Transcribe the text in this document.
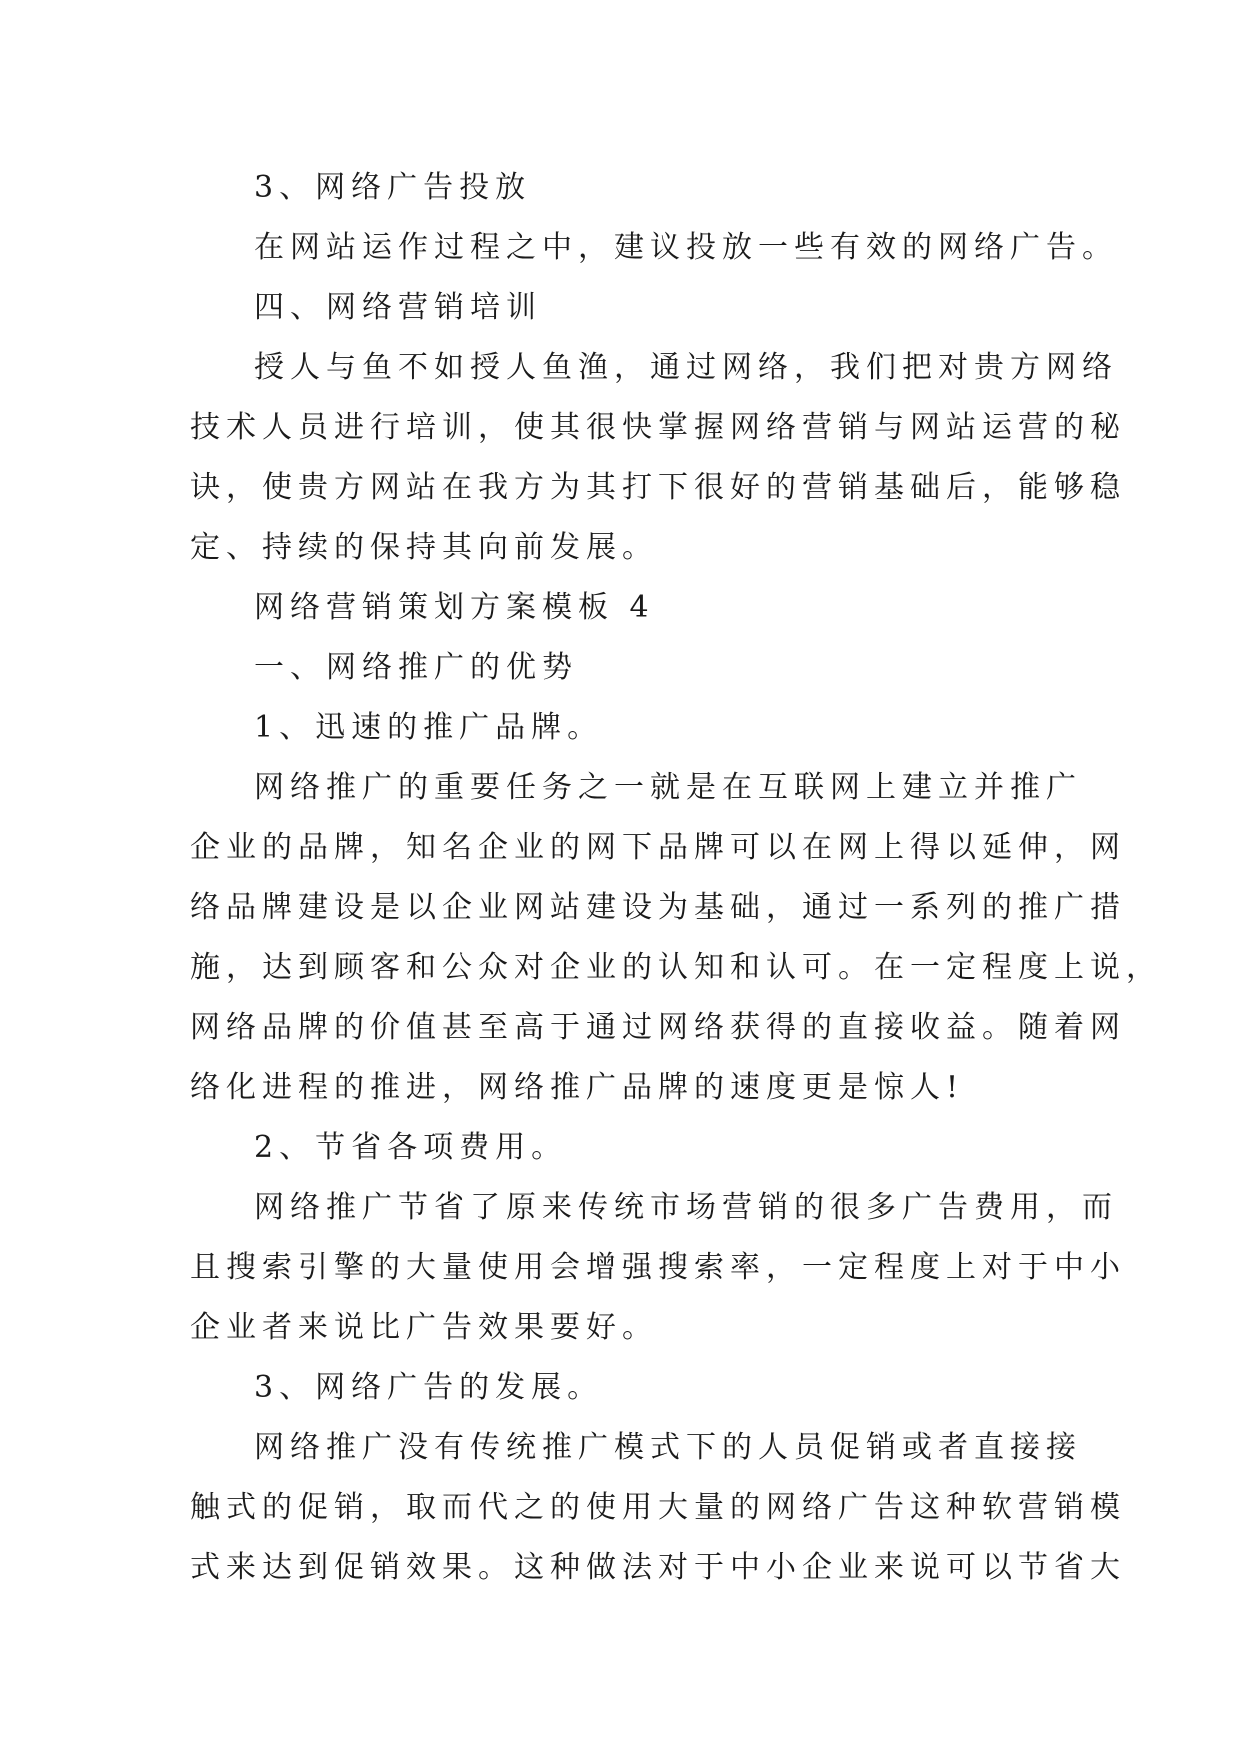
3、网络广告投放
在网站运作过程之中，建议投放一些有效的网络广告。
四、网络营销培训
授人与鱼不如授人鱼渔，通过网络，我们把对贵方网络
技术人员进行培训，使其很快掌握网络营销与网站运营的秘
诀，使贵方网站在我方为其打下很好的营销基础后，能够稳
定、持续的保持其向前发展。
网络营销策划方案模板 4
一、网络推广的优势
1、迅速的推广品牌。
网络推广的重要任务之一就是在互联网上建立并推广
企业的品牌，知名企业的网下品牌可以在网上得以延伸，网
络品牌建设是以企业网站建设为基础，通过一系列的推广措
施，达到顾客和公众对企业的认知和认可。在一定程度上说，
网络品牌的价值甚至高于通过网络获得的直接收益。随着网
络化进程的推进，网络推广品牌的速度更是惊人!
2、节省各项费用。
网络推广节省了原来传统市场营销的很多广告费用，而
且搜索引擎的大量使用会增强搜索率，一定程度上对于中小
企业者来说比广告效果要好。
3、网络广告的发展。
网络推广没有传统推广模式下的人员促销或者直接接
触式的促销，取而代之的使用大量的网络广告这种软营销模
式来达到促销效果。这种做法对于中小企业来说可以节省大
